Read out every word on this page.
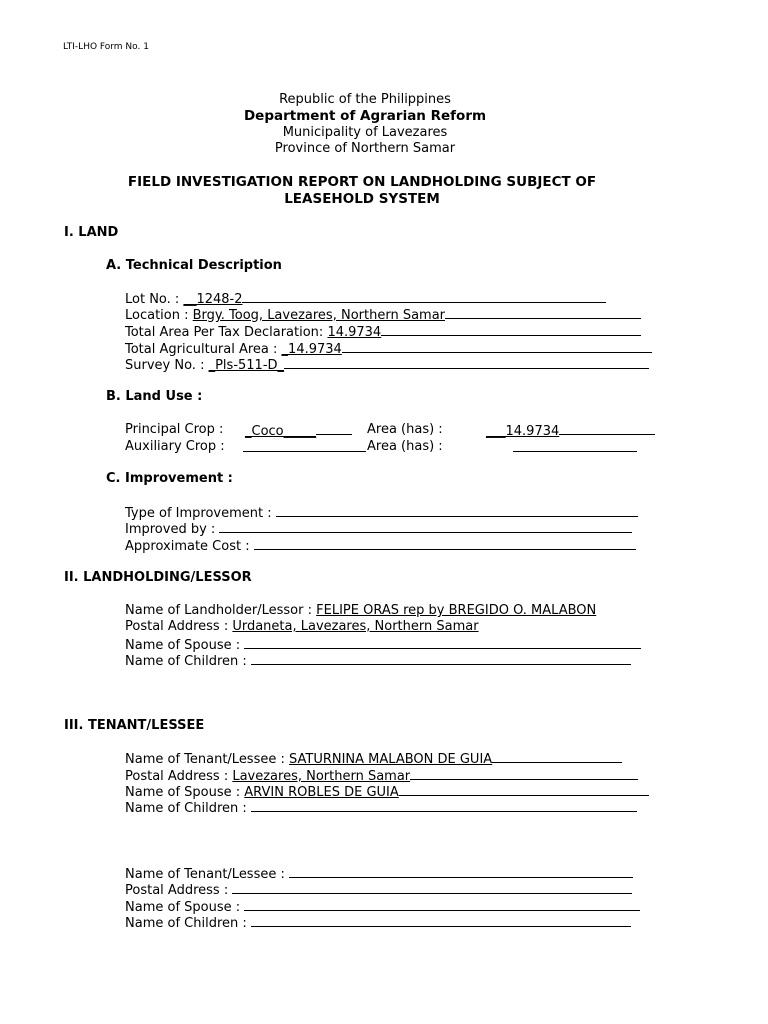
LTI-LHO Form No. 1
Republic of the Philippines
Department of Agrarian Reform
Municipality of Lavezares
Province of Northern Samar
FIELD INVESTIGATION REPORT ON LANDHOLDING SUBJECT OF
LEASEHOLD SYSTEM
I. LAND
A. Technical Description
Lot No. : __1248-2
Location : Brgy. Toog, Lavezares, Northern Samar
Total Area Per Tax Declaration: 14.9734
Total Agricultural Area : _14.9734
Survey No. : _Pls-511-D_
B. Land Use :
Principal Crop : _Coco_____	Area (has) :	___14.9734
Auxiliary Crop :	Area (has) :
C. Improvement :
Type of Improvement :
Improved by :
Approximate Cost :
II. LANDHOLDING/LESSOR
Name of Landholder/Lessor : FELIPE ORAS rep by BREGIDO O. MALABON
Postal Address : Urdaneta, Lavezares, Northern Samar
Name of Spouse :
Name of Children :
III. TENANT/LESSEE
Name of Tenant/Lessee : SATURNINA MALABON DE GUIA
Postal Address : Lavezares, Northern Samar
Name of Spouse : ARVIN ROBLES DE GUIA
Name of Children :
Name of Tenant/Lessee :
Postal Address :
Name of Spouse :
Name of Children :
